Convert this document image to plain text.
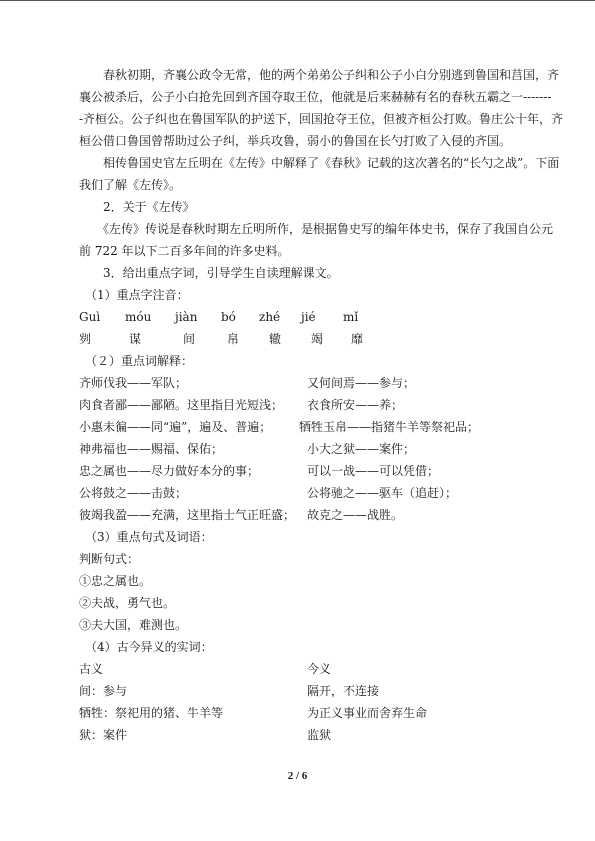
　　春秋初期，齐襄公政令无常，他的两个弟弟公子纠和公子小白分别逃到鲁国和莒国，齐
襄公被杀后，公子小白抢先回到齐国夺取王位，他就是后来赫赫有名的春秋五霸之一-------
-齐桓公。公子纠也在鲁国军队的护送下，回国抢夺王位，但被齐桓公打败。鲁庄公十年，齐
桓公借口鲁国曾帮助过公子纠，举兵攻鲁，弱小的鲁国在长勺打败了入侵的齐国。
　　相传鲁国史官左丘明在《左传》中解释了《春秋》记载的这次著名的“长勺之战”。下面
我们了解《左传》。
　　2．关于《左传》
　　《左传》传说是春秋时期左丘明所作，是根据鲁史写的编年体史书，保存了我国自公元
前 722 年以下二百多年间的许多史料。
　　3．给出重点字词，引导学生自读理解课文。
　（1）重点字注音：
Guì móu jiàn bó zhé jié mǐ
刿	谋	间	帛 辙 竭 靡
　（２）重点词解释：
齐师伐我——军队；	又何间焉——参与；
肉食者鄙——鄙陋。这里指目光短浅； 衣食所安——养；
小惠未徧——同“遍”，遍及、普遍； 牺牲玉帛——指猪牛羊等祭祀品；
神弗福也——赐福、保佑；	小大之狱——案件；
忠之属也——尽力做好本分的事；	可以一战——可以凭借；
公将鼓之——击鼓；	公将驰之——驱车（追赶）；
彼竭我盈——充满，这里指士气正旺盛； 故克之——战胜。
　（3）重点句式及词语：
判断句式：
①忠之属也。
②夫战，勇气也。
③夫大国，难测也。
　（4）古今异义的实词：
古义	今义
间：参与	隔开，不连接
牺牲：祭祀用的猪、牛羊等	为正义事业而舍弃生命
狱：案件	监狱
2 / 6
